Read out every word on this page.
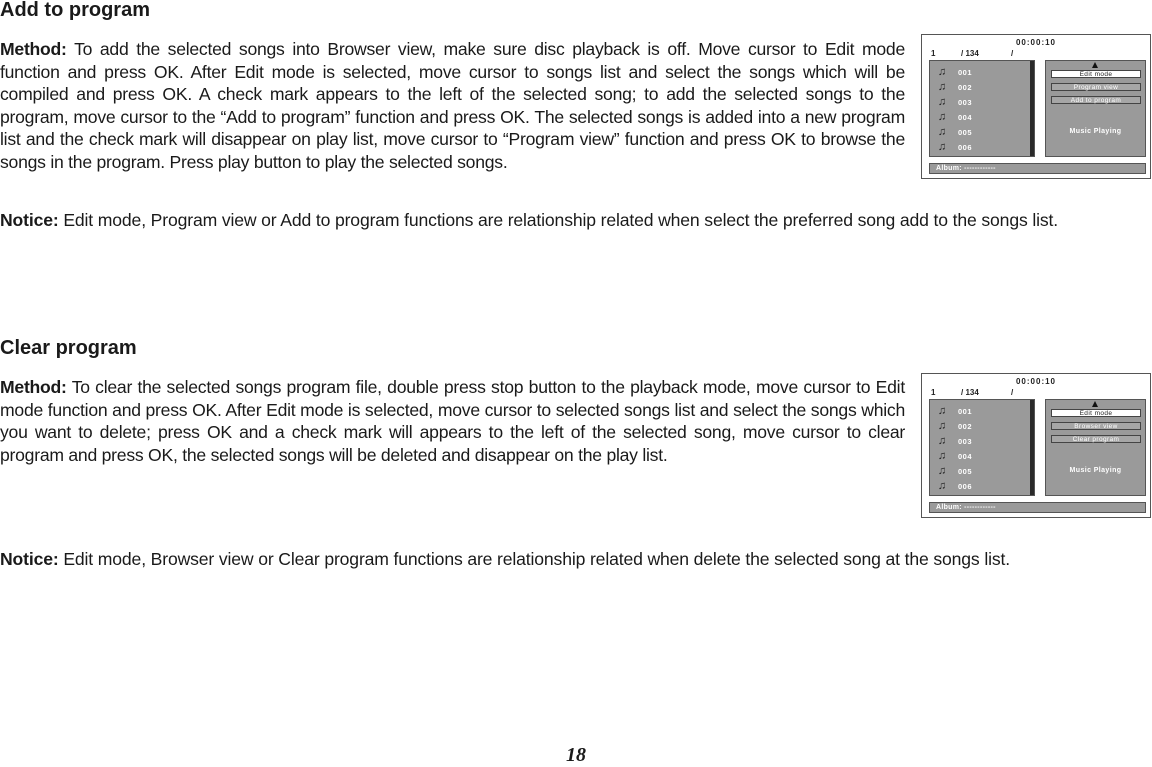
Add to program
Method: To add the selected songs into Browser view, make sure disc playback is off. Move cursor to Edit mode function and press OK. After Edit mode is selected, move cursor to songs list and select the songs which will be compiled and press OK. A check mark appears to the left of the selected song; to add the selected songs to the program, move cursor to the “Add to program” function and press OK. The selected songs is added into a new program list and the check mark will disappear on play list, move cursor to “Program view” function and press OK to browse the songs in the program. Press play button to play the selected songs.
Notice: Edit mode, Program view or Add to program functions are relationship related when select the preferred song add to the songs list.
00:00:10
1	/ 134	/
♫ 001
♫ 002
♫ 003
♫ 004
♫ 005
♫ 006
Edit mode
Program view
Add to program
Music Playing
Album: ------------
Clear program
Method: To clear the selected songs program file, double press stop button to the playback mode, move cursor to Edit mode function and press OK. After Edit mode is selected, move cursor to selected songs list and select the songs which you want to delete; press OK and a check mark will appears to the left of the selected song, move cursor to clear program and press OK, the selected songs will be deleted and disappear on the play list.
Notice: Edit mode, Browser view or Clear program functions are relationship related when delete the selected song at the songs list.
00:00:10
1	/ 134	/
♫ 001
♫ 002
♫ 003
♫ 004
♫ 005
♫ 006
Edit mode
Browser view
Clear program
Music Playing
Album: ------------
18
